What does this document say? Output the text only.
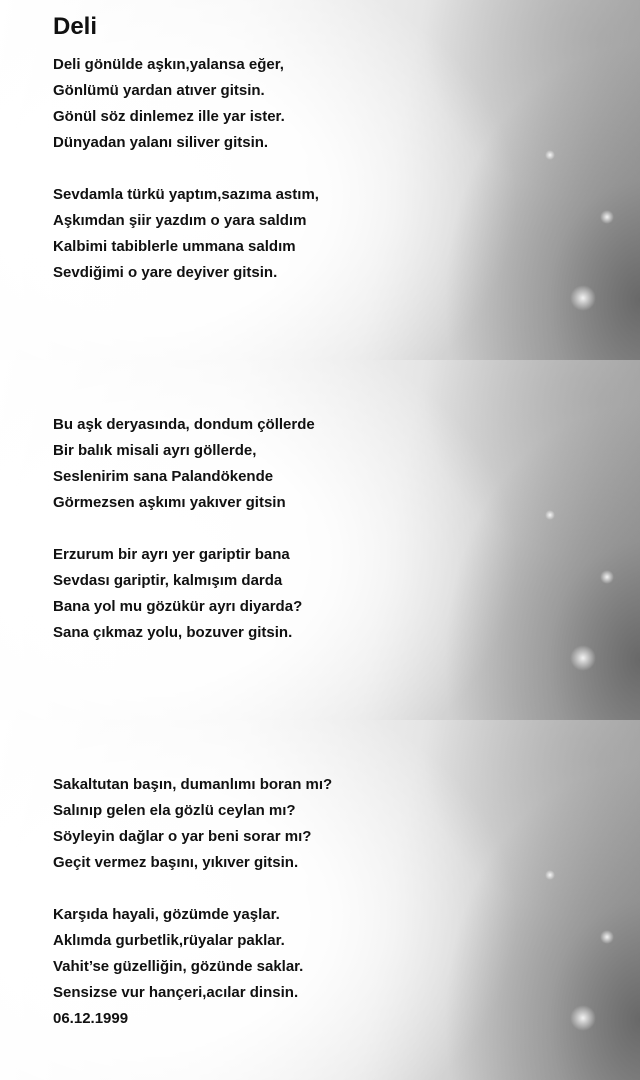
Deli
Deli gönülde aşkın,yalansa eğer,
Gönlümü yardan atıver gitsin.
Gönül söz dinlemez ille yar ister.
Dünyadan yalanı siliver gitsin.
Sevdamla türkü yaptım,sazıma astım,
Aşkımdan şiir yazdım o yara saldım
Kalbimi tabiblerle ummana saldım
Sevdiğimi o yare deyiver gitsin.
Bu aşk deryasında, dondum çöllerde
Bir balık misali ayrı göllerde,
Seslenirim sana Palandökende
Görmezsen aşkımı yakıver gitsin
Erzurum bir ayrı yer gariptir bana
Sevdası gariptir, kalmışım darda
Bana yol mu gözükür ayrı diyarda?
Sana çıkmaz yolu, bozuver gitsin.
Sakaltutan başın, dumanlımı boran mı?
Salınıp gelen ela gözlü ceylan mı?
Söyleyin dağlar o yar beni sorar mı?
Geçit vermez başını, yıkıver gitsin.
Karşıda hayali, gözümde yaşlar.
Aklımda gurbetlik,rüyalar paklar.
Vahit’se güzelliğin, gözünde saklar.
Sensizse vur hançeri,acılar dinsin.
06.12.1999
